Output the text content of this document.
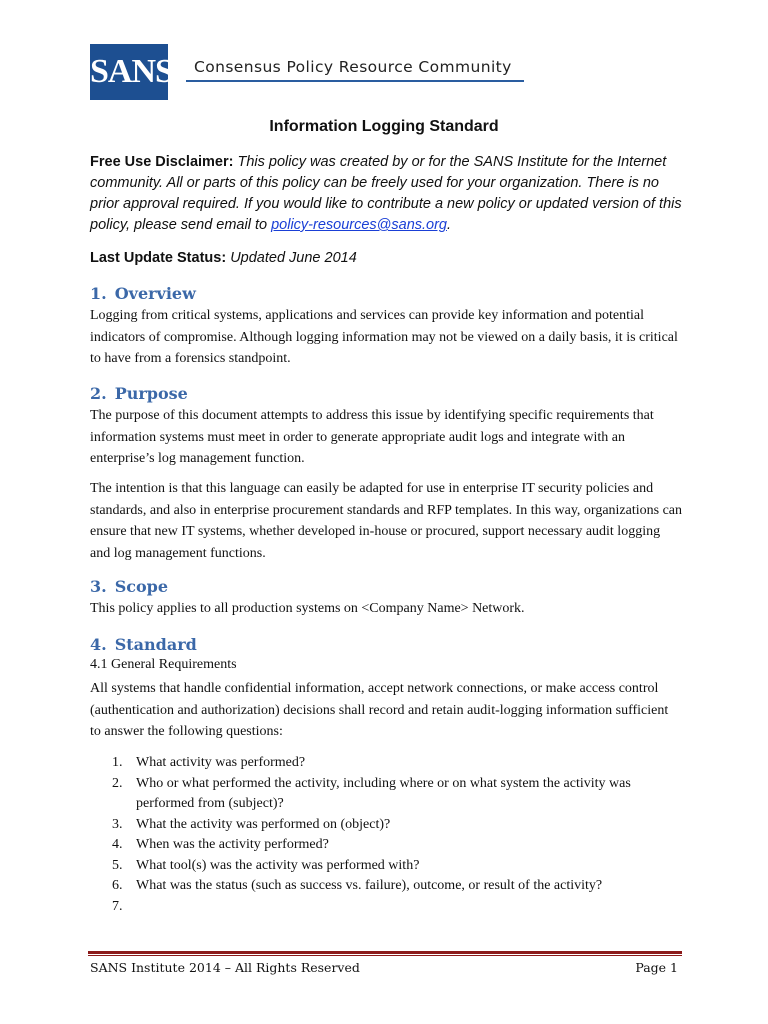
SANS Consensus Policy Resource Community
Information Logging Standard
Free Use Disclaimer: This policy was created by or for the SANS Institute for the Internet community. All or parts of this policy can be freely used for your organization. There is no prior approval required. If you would like to contribute a new policy or updated version of this policy, please send email to policy-resources@sans.org.
Last Update Status: Updated June 2014
1. Overview
Logging from critical systems, applications and services can provide key information and potential indicators of compromise. Although logging information may not be viewed on a daily basis, it is critical to have from a forensics standpoint.
2. Purpose
The purpose of this document attempts to address this issue by identifying specific requirements that information systems must meet in order to generate appropriate audit logs and integrate with an enterprise’s log management function.
The intention is that this language can easily be adapted for use in enterprise IT security policies and standards, and also in enterprise procurement standards and RFP templates. In this way, organizations can ensure that new IT systems, whether developed in-house or procured, support necessary audit logging and log management functions.
3. Scope
This policy applies to all production systems on <Company Name> Network.
4. Standard
4.1 General Requirements
All systems that handle confidential information, accept network connections, or make access control (authentication and authorization) decisions shall record and retain audit-logging information sufficient to answer the following questions:
1. What activity was performed?
2. Who or what performed the activity, including where or on what system the activity was performed from (subject)?
3. What the activity was performed on (object)?
4. When was the activity performed?
5. What tool(s) was the activity was performed with?
6. What was the status (such as success vs. failure), outcome, or result of the activity?
7.
SANS Institute 2014 – All Rights Reserved	Page 1
